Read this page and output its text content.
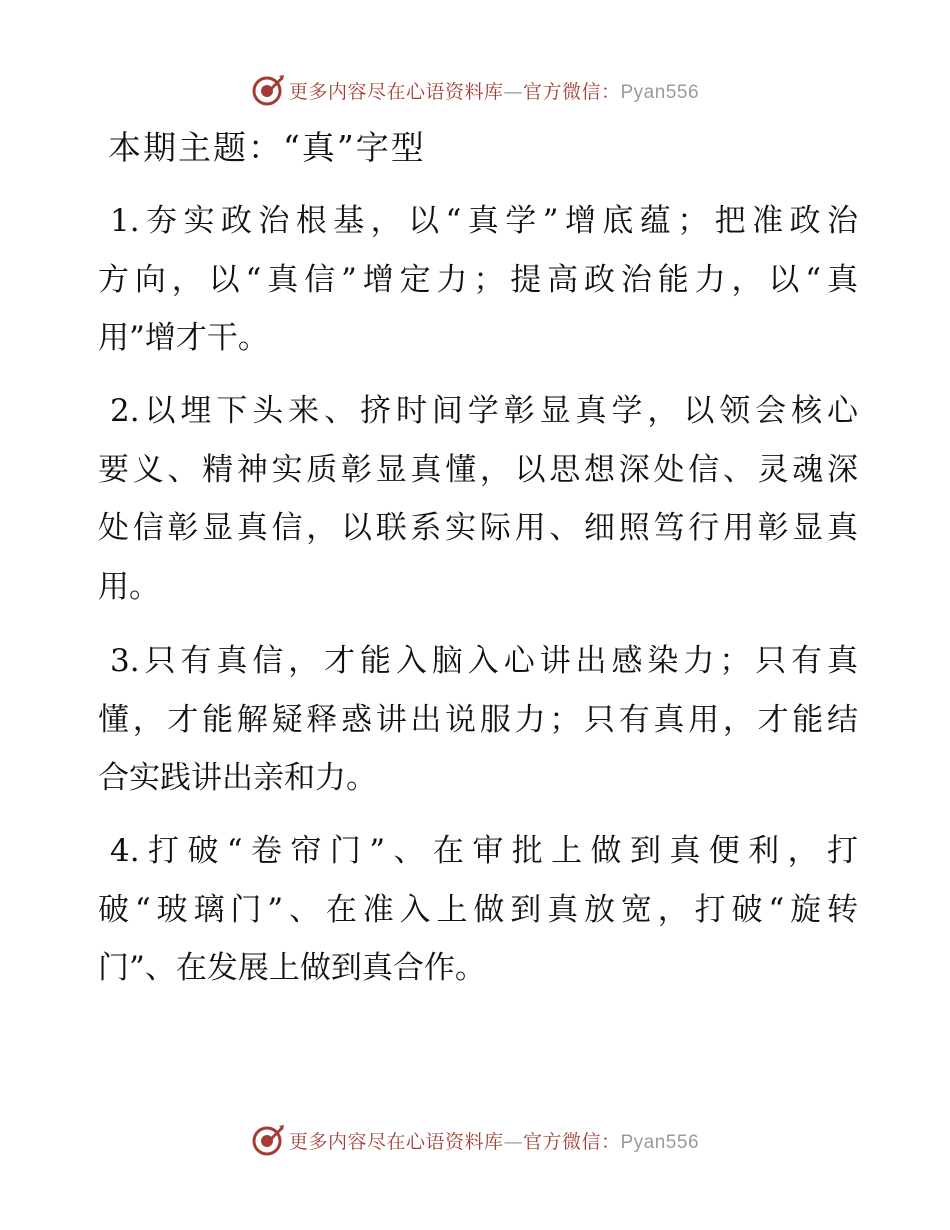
更多内容尽在心语资料库—官方微信：Pyan556
本期主题：“真”字型
1.夯实政治根基，以“真学”增底蕴；把准政治
方向，以“真信”增定力；提高政治能力，以“真
用”增才干。
2.以埋下头来、挤时间学彰显真学，以领会核心
要义、精神实质彰显真懂，以思想深处信、灵魂深
处信彰显真信，以联系实际用、细照笃行用彰显真
用。
3.只有真信，才能入脑入心讲出感染力；只有真
懂，才能解疑释惑讲出说服力；只有真用，才能结
合实践讲出亲和力。
4.打破“卷帘门”、在审批上做到真便利，打
破“玻璃门”、在准入上做到真放宽，打破“旋转
门”、在发展上做到真合作。
更多内容尽在心语资料库—官方微信：Pyan556
